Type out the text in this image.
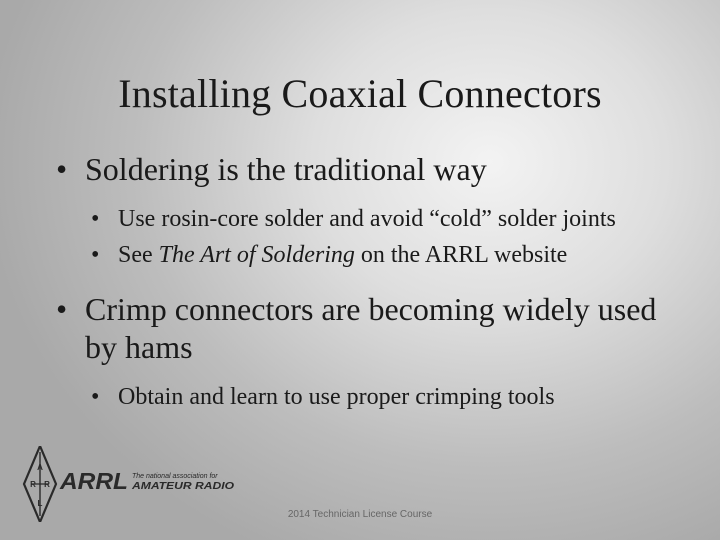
Installing Coaxial Connectors
• Soldering is the traditional way
• Use rosin-core solder and avoid “cold” solder joints
• See The Art of Soldering on the ARRL website
• Crimp connectors are becoming widely used by hams
• Obtain and learn to use proper crimping tools
A
R R
L
ARRL The national association for
AMATEUR RADIO
2014 Technician License Course
